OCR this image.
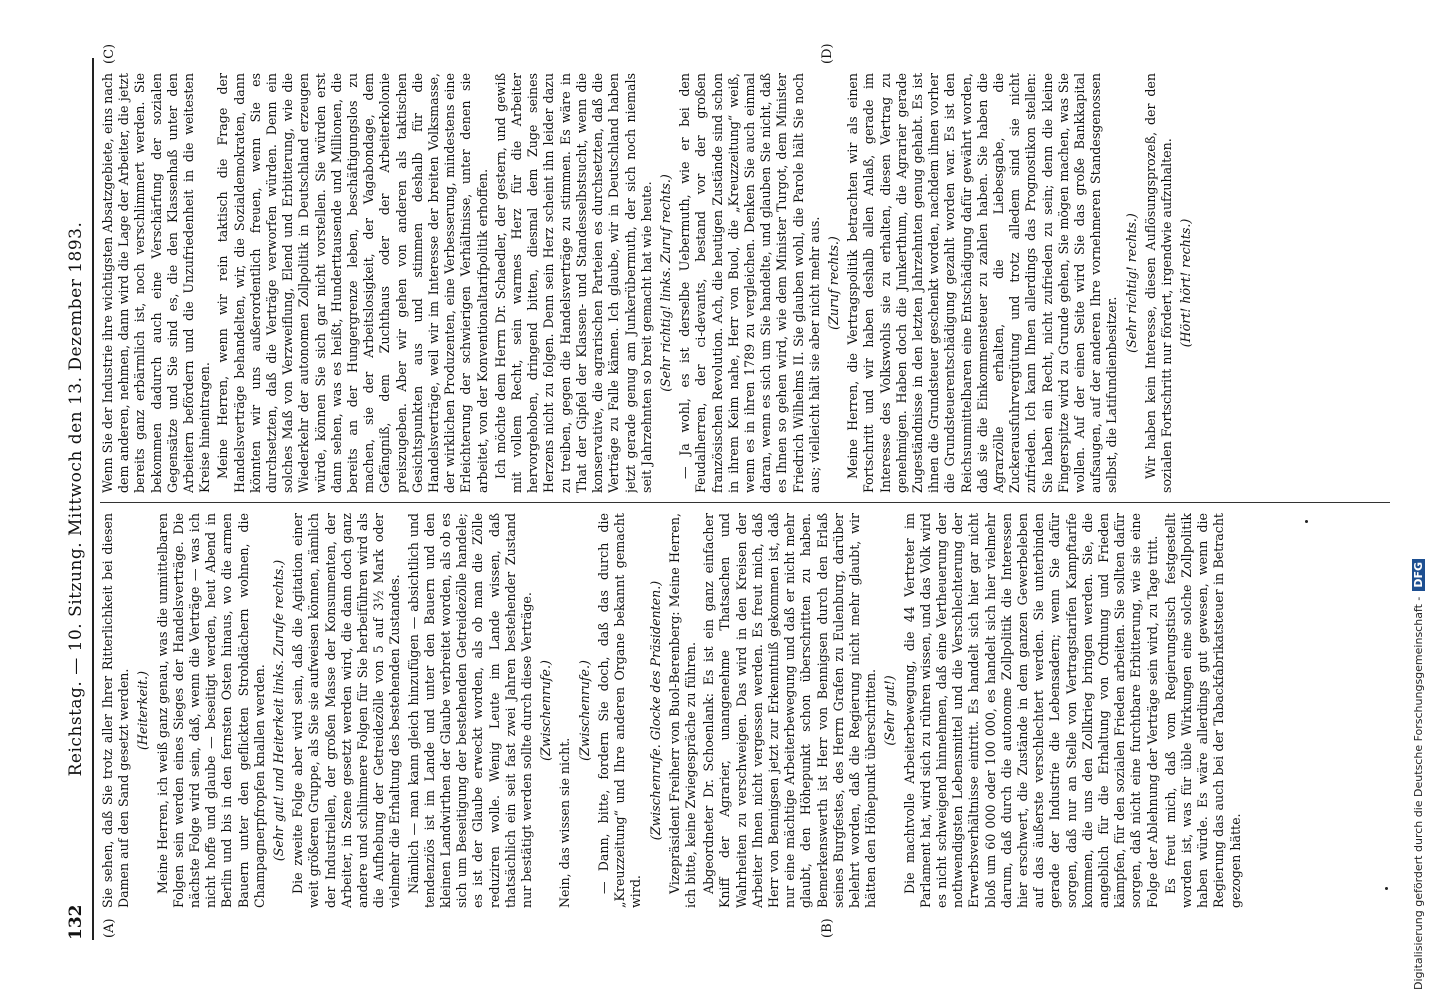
132
Reichstag. — 10. Sitzung. Mittwoch den 13. Dezember 1893.
(A)	(B)
(C)	(D)

Sie sehen, daß Sie trotz aller Ihrer Ritterlichkeit bei diesen Damen auf den Sand gesetzt werden. (Heiterkeit.) Meine Herren, ich weiß ganz genau, was die unmittelbaren Folgen sein werden eines Sieges der Handelsverträge. Die nächste Folge wird sein, daß, wenn die Verträge — was ich nicht hoffe und glaube — beseitigt werden, heut Abend in Berlin und bis in den fernsten Osten hinaus, wo die armen Bauern unter den geflickten Strohdächern wohnen, die Champagnerpfropfen knallen werden. (Sehr gut! und Heiterkeit links. Zurufe rechts.) Die zweite Folge aber wird sein, daß die Agitation einer weit größeren Gruppe, als Sie sie aufweisen können, nämlich der Industriellen, der großen Masse der Konsumenten, der Arbeiter, in Szene gesetzt werden wird, die dann doch ganz andere und schlimmere Folgen für Sie herbeiführen wird als die Aufhebung der Getreidezölle von 5 auf 3½ Mark oder vielmehr die Erhaltung des bestehenden Zustandes. Nämlich — man kann gleich hinzufügen — absichtlich und tendenziös ist im Lande und unter den Bauern und den kleinen Landwirthen der Glaube verbreitet worden, als ob es sich um Beseitigung der bestehenden Getreidezölle handele; es ist der Glaube erweckt worden, als ob man die Zölle reduziren wolle. Wenig Leute im Lande wissen, daß thatsächlich ein seit fast zwei Jahren bestehender Zustand nur bestätigt werden sollte durch diese Verträge. (Zwischenrufe.)

Nein, das wissen sie nicht.

(Zwischenrufe.) — Dann, bitte, fordern Sie doch, daß das durch die „Kreuzzeitung“ und Ihre anderen Organe bekannt gemacht wird.

(Zwischenrufe. Glocke des Präsidenten.) Vizepräsident Freiherr von Buol-Berenberg: Meine Herren, ich bitte, keine Zwiegespräche zu führen. Abgeordneter Dr. Schoenlank: Es ist ein ganz einfacher Kniff der Agrarier, unangenehme Thatsachen und Wahrheiten zu verschweigen. Das wird in den Kreisen der Arbeiter Ihnen nicht vergessen werden. Es freut mich, daß Herr von Bennigsen jetzt zur Erkenntniß gekommen ist, daß nur eine mächtige Arbeiterbewegung und daß er nicht mehr glaubt, den Höhepunkt schon überschritten zu haben. Bemerkenswerth ist Herr von Bennigsen durch den Erlaß seines Burgfestes, des Herrn Grafen zu Eulenburg, darüber belehrt worden, daß die Regierung nicht mehr glaubt, wir hätten den Höhepunkt überschritten. (Sehr gut!) Die machtvolle Arbeiterbewegung, die 44 Vertreter im Parlament hat, wird sich zu rühren wissen, und das Volk wird es nicht schweigend hinnehmen, daß eine Vertheuerung der nothwendigsten Lebensmittel und die Verschlechterung der Erwerbsverhältnisse eintritt. Es handelt sich hier gar nicht bloß um 60 000 oder 100 000, es handelt sich hier vielmehr darum, daß durch die autonome Zollpolitik die Interessen hier erschwert, die Zustände in dem ganzen Gewerbeleben auf das äußerste verschlechtert werden. Sie unterbinden gerade der Industrie die Lebensadern; wenn Sie dafür sorgen, daß nur an Stelle von Vertragstarifen Kampftarife kommen, die uns den Zollkrieg bringen werden. Sie, die angeblich für die Erhaltung von Ordnung und Frieden kämpfen, für den sozialen Frieden arbeiten. Sie sollten dafür sorgen, daß nicht eine furchtbare Erbitterung, wie sie eine Folge der Ablehnung der Verträge sein wird, zu Tage tritt. Es freut mich, daß vom Regierungstisch festgestellt worden ist, was für üble Wirkungen eine solche Zollpolitik haben würde. Es wäre allerdings gut gewesen, wenn die Regierung das auch bei der Tabackfabrikatsteuer in Betracht gezogen hätte.

Wenn Sie der Industrie ihre wichtigsten Absatzgebiete, eins nach dem anderen, nehmen, dann wird die Lage der Arbeiter, die jetzt bereits ganz erbärmlich ist, noch verschlimmert werden. Sie bekommen dadurch auch eine Verschärfung der sozialen Gegensätze und Sie sind es, die den Klassenhaß unter den Arbeitern befördern und die Unzufriedenheit in die weitesten Kreise hineintragen. Meine Herren, wenn wir rein taktisch die Frage der Handelsverträge behandelten, wir, die Sozialdemokraten, dann könnten wir uns außerordentlich freuen, wenn Sie es durchsetzten, daß die Verträge verworfen würden. Denn ein solches Maß von Verzweiflung, Elend und Erbitterung, wie die Wiederkehr der autonomen Zollpolitik in Deutschland erzeugen würde, können Sie sich gar nicht vorstellen. Sie würden erst dann sehen, was es heißt, Hunderttausende und Millionen, die bereits an der Hungergrenze leben, beschäftigungslos zu machen, sie der Arbeitslosigkeit, der Vagabondage, dem Gefängniß, dem Zuchthaus oder der Arbeiterkolonie preiszugeben. Aber wir gehen von anderen als taktischen Gesichtspunkten aus und stimmen deshalb für die Handelsverträge, weil wir im Interesse der breiten Volksmasse, der wirklichen Produzenten, eine Verbesserung, mindestens eine Erleichterung der schwierigen Verhältnisse, unter denen sie arbeitet, von der Konventionaltarifpolitik erhoffen. Ich möchte dem Herrn Dr. Schaedler, der gestern, und gewiß mit vollem Recht, sein warmes Herz für die Arbeiter hervorgehoben, dringend bitten, diesmal dem Zuge seines Herzens nicht zu folgen. Denn sein Herz scheint ihn leider dazu zu treiben, gegen die Handelsverträge zu stimmen. Es wäre in That der Gipfel der Klassen- und Standesselbstsucht, wenn die konservative, die agrarischen Parteien es durchsetzten, daß die Verträge zu Falle kämen. Ich glaube, wir in Deutschland haben jetzt gerade genug am Junkerübermuth, der sich noch niemals seit Jahrzehnten so breit gemacht hat wie heute. (Sehr richtig! links. Zuruf rechts.) — Ja wohl, es ist derselbe Uebermuth, wie er bei den Feudalherren, der ci-devants, bestand vor der großen französischen Revolution. Ach, die heutigen Zustände sind schon in ihrem Keim nahe, Herr von Buol, die „Kreuzzeitung“ weiß, wenn es in ihren 1789 zu vergleichen. Denken Sie auch einmal daran, wenn es sich um Sie handelte, und glauben Sie nicht, daß es Ihnen so gehen wird, wie dem Minister Turgot, dem Minister Friedrich Wilhelms II. Sie glauben wohl, die Parole hält Sie noch aus; vielleicht hält sie aber nicht mehr aus. (Zuruf rechts.) Meine Herren, die Vertragspolitik betrachten wir als einen Fortschritt und wir haben deshalb allen Anlaß, gerade im Interesse des Volkswohls sie zu erhalten, diesen Vertrag zu genehmigen. Haben doch die Junkerthum, die Agrarier gerade Zugeständnisse in den letzten Jahrzehnten genug gehabt. Es ist ihnen die Grundsteuer geschenkt worden, nachdem ihnen vorher die Grundsteuerentschädigung gezahlt worden war. Es ist den Reichsunmittelbaren eine Entschädigung dafür gewährt worden, daß sie die Einkommensteuer zu zahlen haben. Sie haben die Agrarzölle erhalten, die Liebesgabe, die Zuckerausfuhrvergütung und trotz alledem sind sie nicht zufrieden. Ich kann Ihnen allerdings das Prognostikon stellen: Sie haben ein Recht, nicht zufrieden zu sein; denn die kleine Fingerspitze wird zu Grunde gehen, Sie mögen machen, was Sie wollen. Auf der einen Seite wird Sie das große Bankkapital aufsaugen, auf der anderen Ihre vornehmeren Standesgenossen selbst, die Latifundienbesitzer.

(Sehr richtig! rechts.) Wir haben kein Interesse, diesen Auflösungsprozeß, der den sozialen Fortschritt nur fördert, irgendwie aufzuhalten. (Hört! hört! rechts.)

Digitalisierung gefördert durch die Deutsche Forschungsgemeinschaft -DFG
